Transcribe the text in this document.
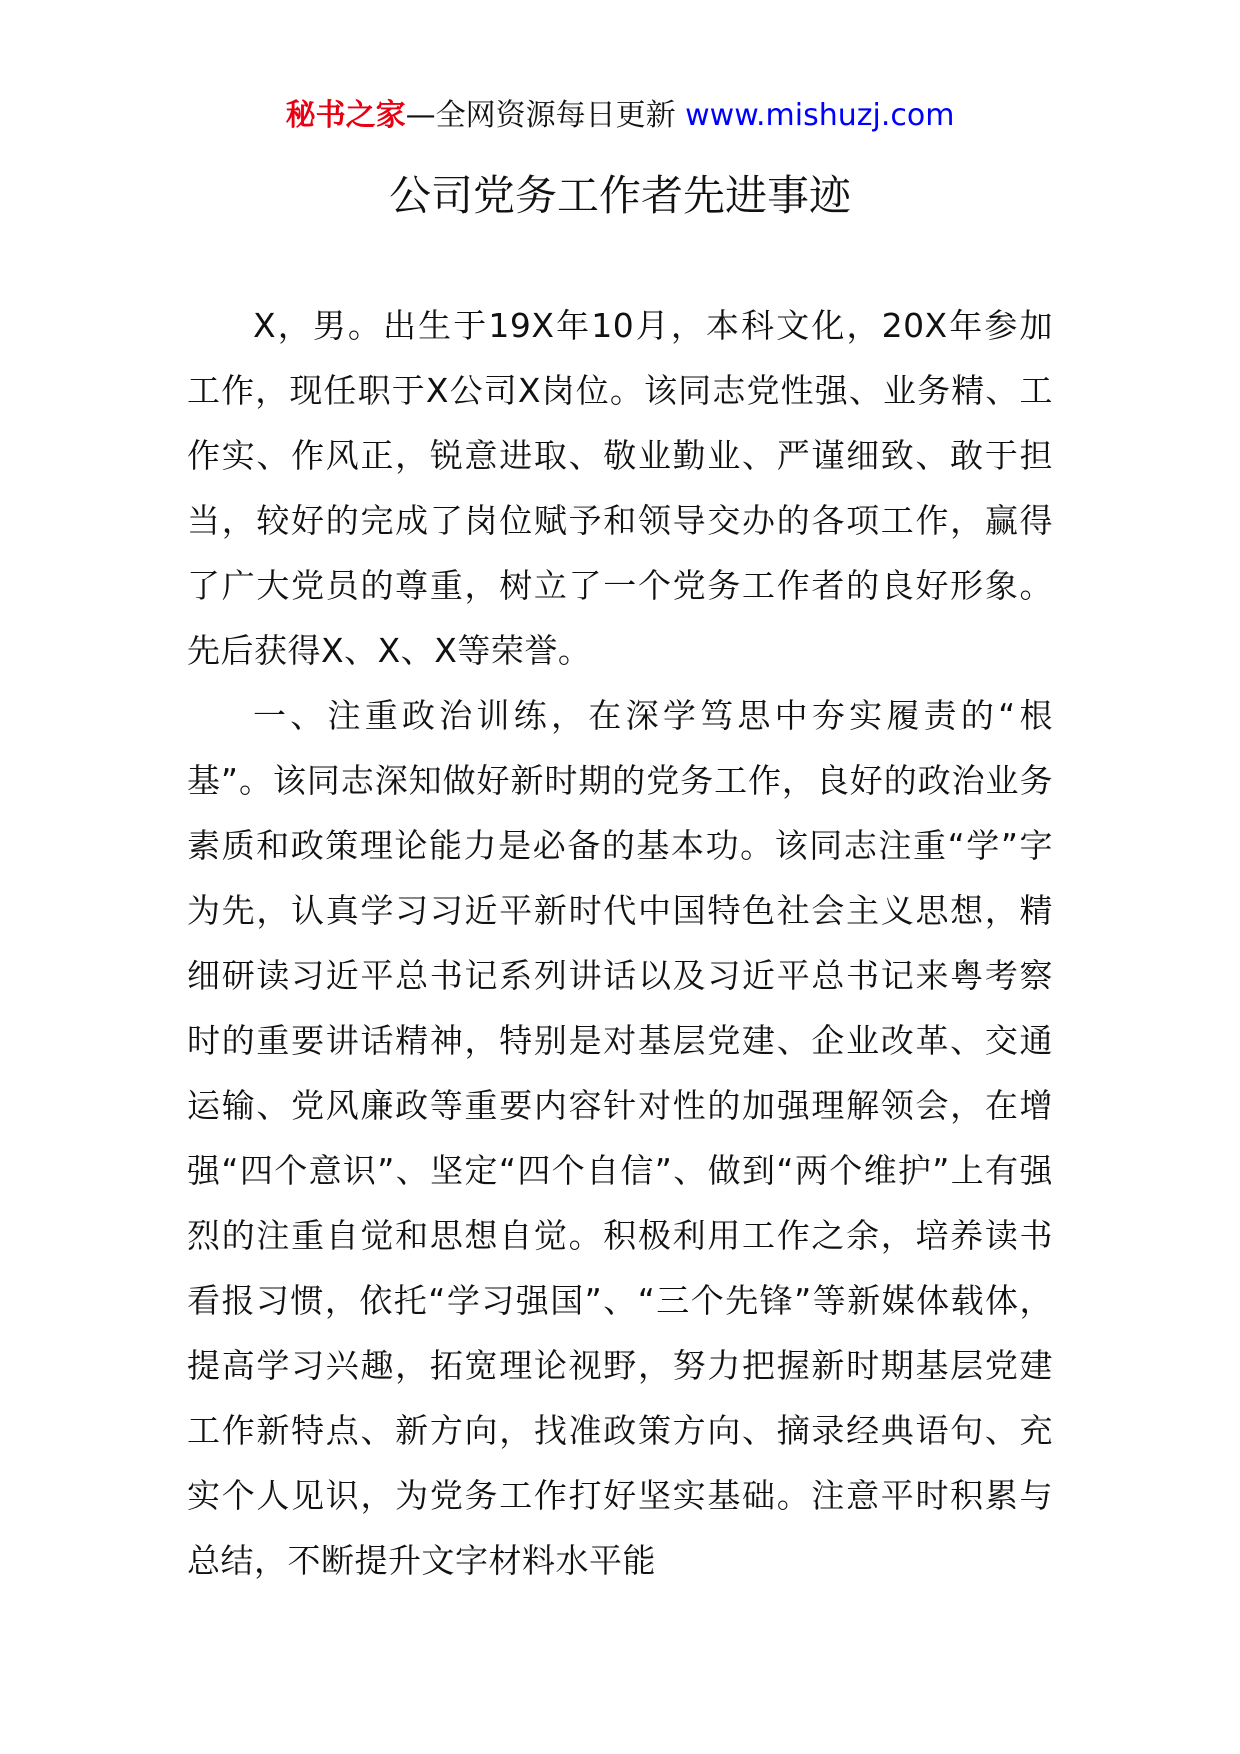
秘书之家—全网资源每日更新 www.mishuzj.com
公司党务工作者先进事迹

X，男。出生于19X年10月，本科文化，20X年参加工作，现任职于X公司X岗位。该同志党性强、业务精、工作实、作风正，锐意进取、敬业勤业、严谨细致、敢于担当，较好的完成了岗位赋予和领导交办的各项工作，赢得了广大党员的尊重，树立了一个党务工作者的良好形象。先后获得X、X、X等荣誉。

一、注重政治训练，在深学笃思中夯实履责的“根基”。该同志深知做好新时期的党务工作，良好的政治业务素质和政策理论能力是必备的基本功。该同志注重“学”字为先，认真学习习近平新时代中国特色社会主义思想，精细研读习近平总书记系列讲话以及习近平总书记来粤考察时的重要讲话精神，特别是对基层党建、企业改革、交通运输、党风廉政等重要内容针对性的加强理解领会，在增强“四个意识”、坚定“四个自信”、做到“两个维护”上有强烈的注重自觉和思想自觉。积极利用工作之余，培养读书看报习惯，依托“学习强国”、“三个先锋”等新媒体载体，提高学习兴趣，拓宽理论视野，努力把握新时期基层党建工作新特点、新方向，找准政策方向、摘录经典语句、充实个人见识，为党务工作打好坚实基础。注意平时积累与总结，不断提升文字材料水平能
